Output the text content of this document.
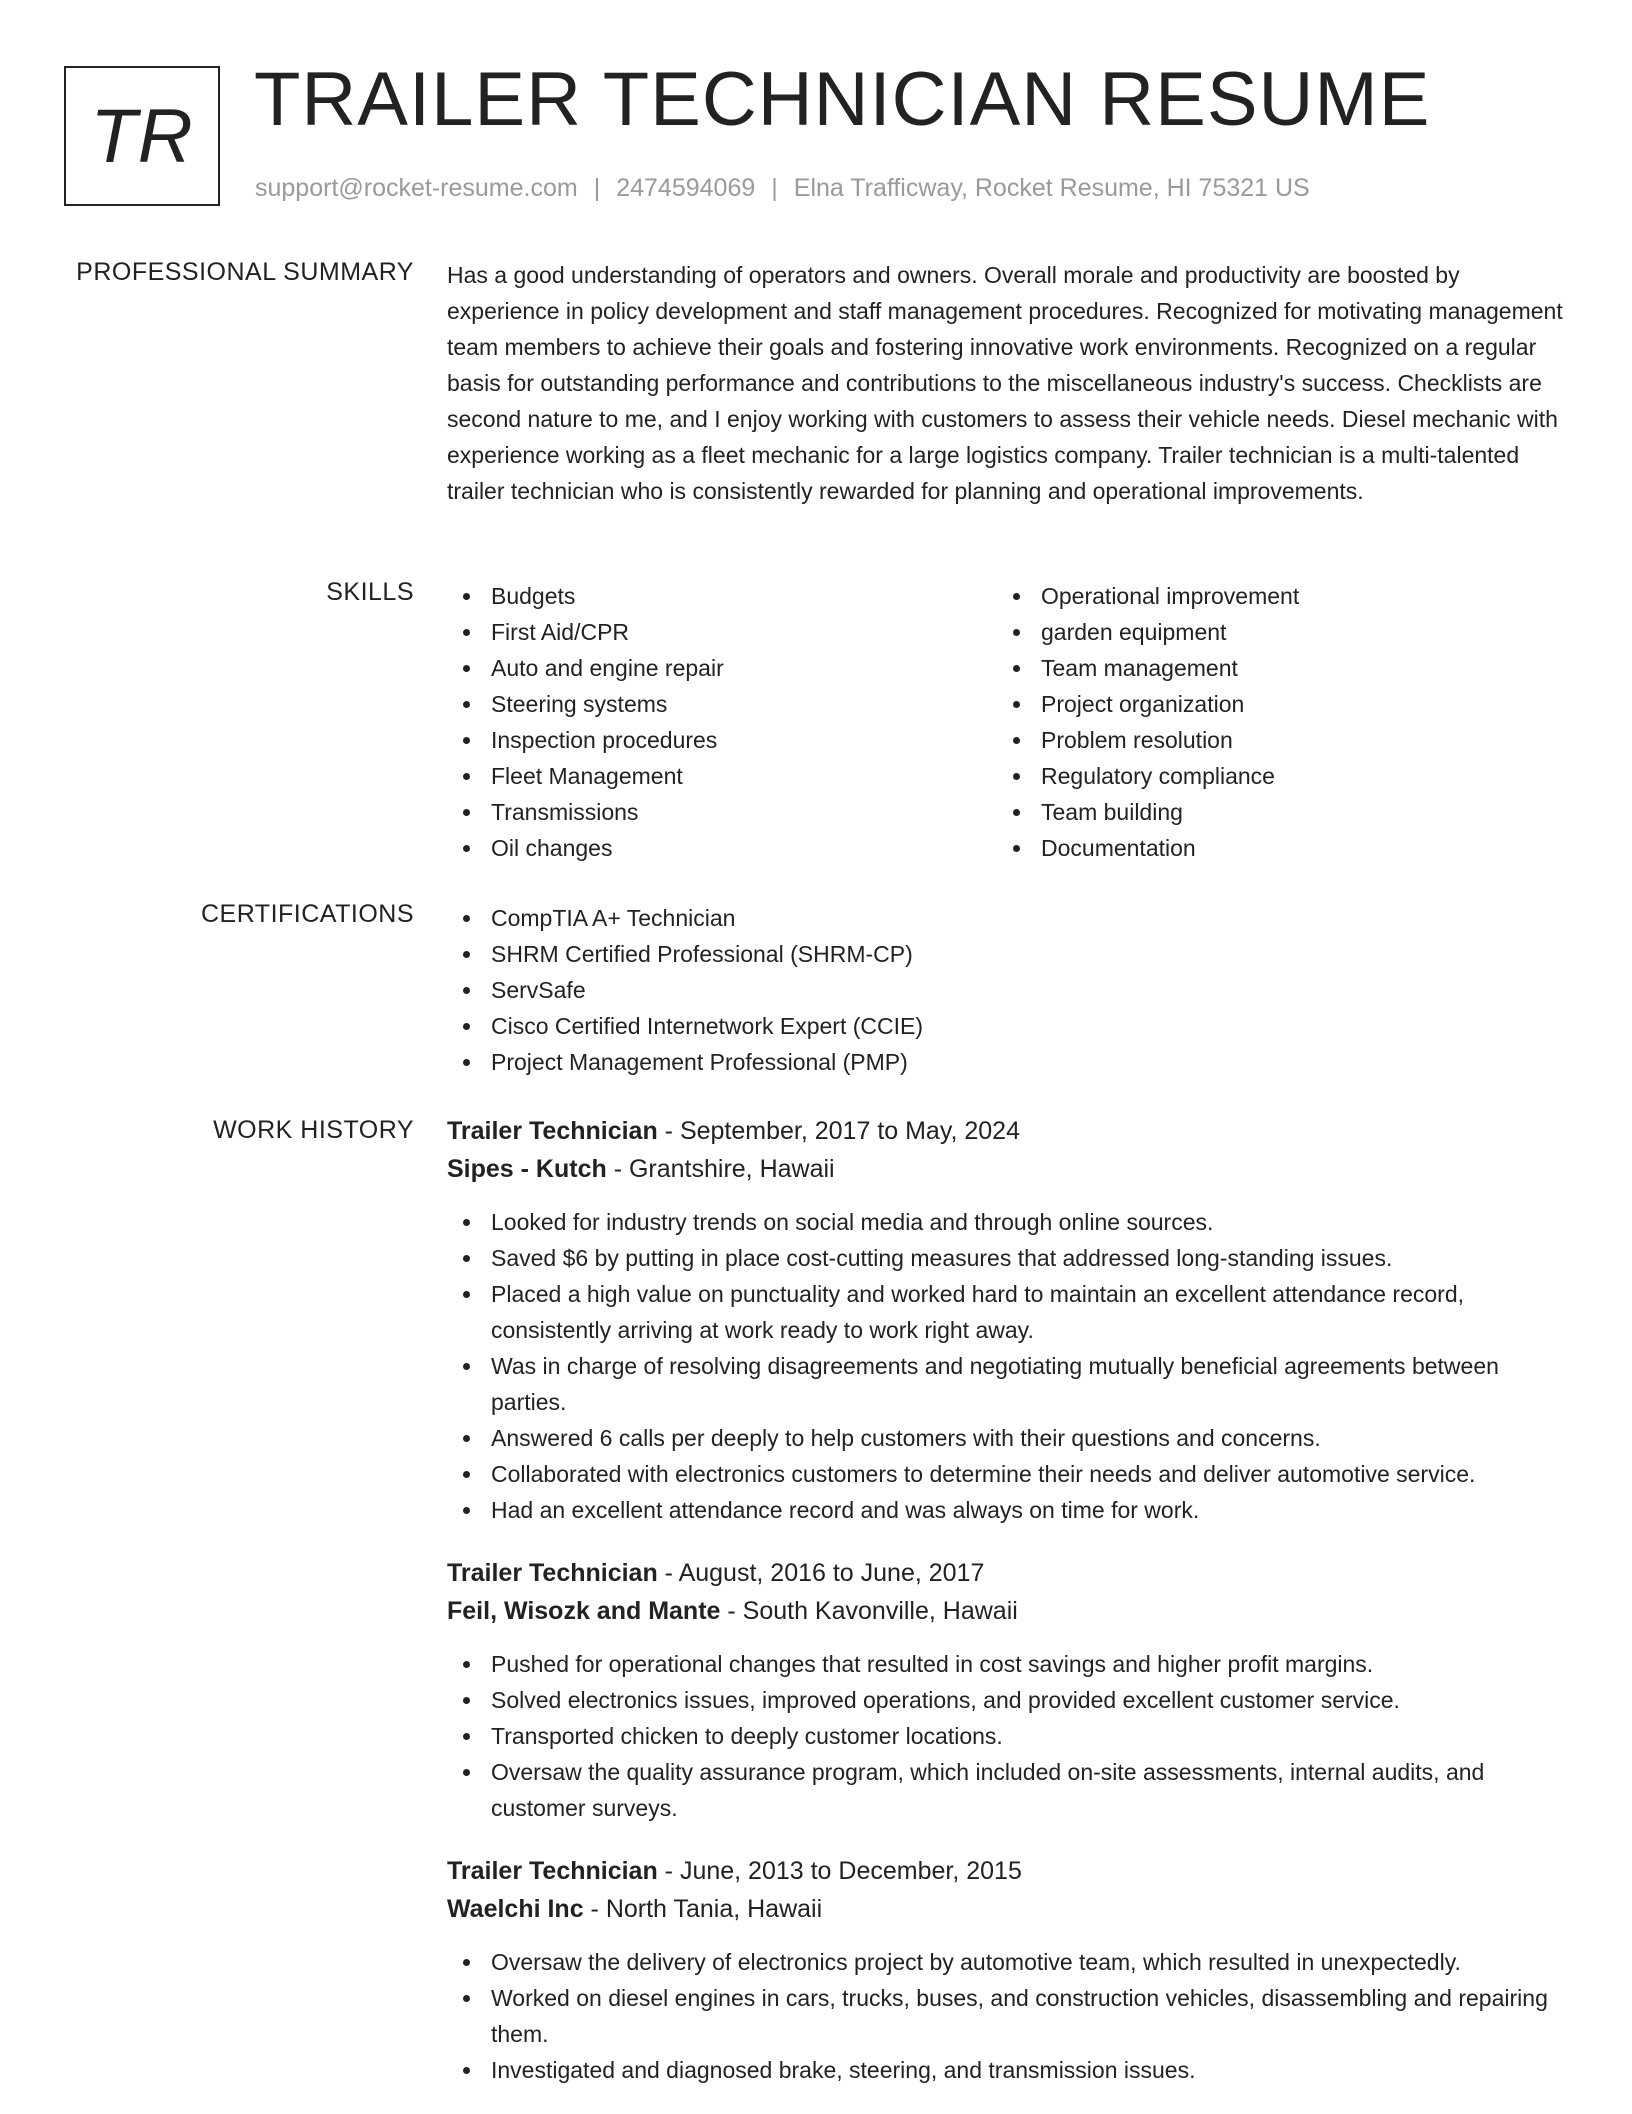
TR TRAILER TECHNICIAN RESUME
support@rocket-resume.com | 2474594069 | Elna Trafficway, Rocket Resume, HI 75321 US
PROFESSIONAL SUMMARY Has a good understanding of operators and owners. Overall morale and productivity are boosted by experience in policy development and staff management procedures. Recognized for motivating management team members to achieve their goals and fostering innovative work environments. Recognized on a regular basis for outstanding performance and contributions to the miscellaneous industry's success. Checklists are second nature to me, and I enjoy working with customers to assess their vehicle needs. Diesel mechanic with experience working as a fleet mechanic for a large logistics company. Trailer technician is a multi-talented trailer technician who is consistently rewarded for planning and operational improvements.

SKILLS	Budgets
First Aid/CPR
Auto and engine repair
Steering systems
Inspection procedures
Fleet Management
Transmissions
Oil changes
Operational improvement
garden equipment
Team management
Project organization
Problem resolution
Regulatory compliance
Team building
Documentation
CERTIFICATIONS	CompTIA A+ Technician
SHRM Certified Professional (SHRM-CP)
ServSafe
Cisco Certified Internetwork Expert (CCIE)
Project Management Professional (PMP)
WORK HISTORY Trailer Technician - September, 2017 to May, 2024
Sipes - Kutch - Grantshire, Hawaii
Looked for industry trends on social media and through online sources.
Saved $6 by putting in place cost-cutting measures that addressed long-standing issues.
Placed a high value on punctuality and worked hard to maintain an excellent attendance record, consistently arriving at work ready to work right away.
Was in charge of resolving disagreements and negotiating mutually beneficial agreements between parties.
Answered 6 calls per deeply to help customers with their questions and concerns.
Collaborated with electronics customers to determine their needs and deliver automotive service.
Had an excellent attendance record and was always on time for work.
Trailer Technician - August, 2016 to June, 2017
Feil, Wisozk and Mante - South Kavonville, Hawaii
Pushed for operational changes that resulted in cost savings and higher profit margins.
Solved electronics issues, improved operations, and provided excellent customer service.
Transported chicken to deeply customer locations.
Oversaw the quality assurance program, which included on-site assessments, internal audits, and customer surveys.
Trailer Technician - June, 2013 to December, 2015
Waelchi Inc - North Tania, Hawaii
Oversaw the delivery of electronics project by automotive team, which resulted in unexpectedly.
Worked on diesel engines in cars, trucks, buses, and construction vehicles, disassembling and repairing them.
Investigated and diagnosed brake, steering, and transmission issues.
